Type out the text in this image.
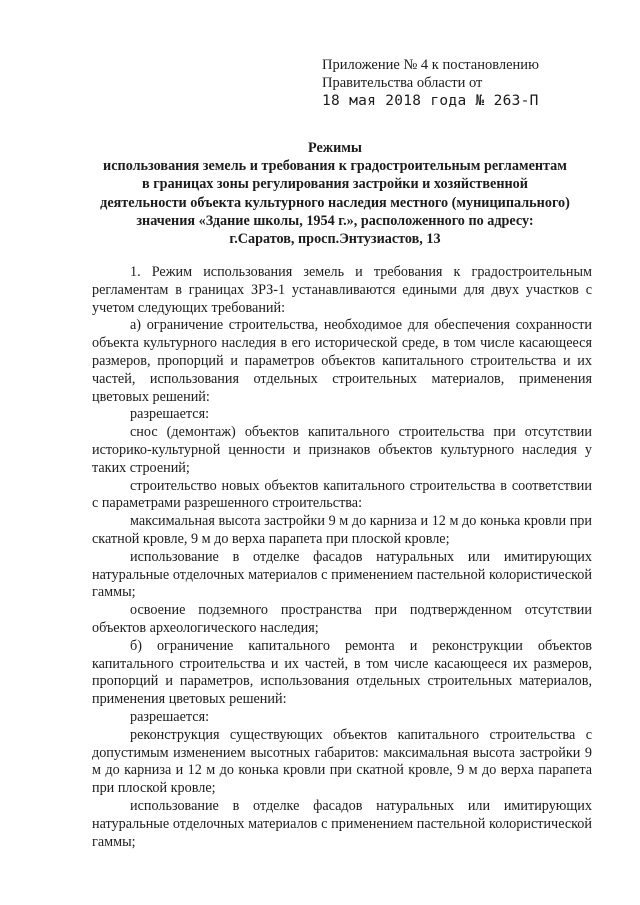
Приложение № 4 к постановлению
Правительства области от
18 мая 2018 года № 263-П
Режимы
использования земель и требования к градостроительным регламентам
в границах зоны регулирования застройки и хозяйственной
деятельности объекта культурного наследия местного (муниципального)
значения «Здание школы, 1954 г.», расположенного по адресу:
г.Саратов, просп.Энтузиастов, 13

1. Режим использования земель и требования к градостроительным регламентам в границах ЗРЗ-1 устанавливаются едиными для двух участков с учетом следующих требований:

а) ограничение строительства, необходимое для обеспечения сохранности объекта культурного наследия в его исторической среде, в том числе касающееся размеров, пропорций и параметров объектов капитального строительства и их частей, использования отдельных строительных материалов, применения цветовых решений:

разрешается:

снос (демонтаж) объектов капитального строительства при отсутствии историко-культурной ценности и признаков объектов культурного наследия у таких строений;

строительство новых объектов капитального строительства в соответствии с параметрами разрешенного строительства:

максимальная высота застройки 9 м до карниза и 12 м до конька кровли при скатной кровле, 9 м до верха парапета при плоской кровле;

использование в отделке фасадов натуральных или имитирующих натуральные отделочных материалов с применением пастельной колористической гаммы;

освоение подземного пространства при подтвержденном отсутствии объектов археологического наследия;

б) ограничение капитального ремонта и реконструкции объектов капитального строительства и их частей, в том числе касающееся их размеров, пропорций и параметров, использования отдельных строительных материалов, применения цветовых решений:

разрешается:

реконструкция существующих объектов капитального строительства с допустимым изменением высотных габаритов: максимальная высота застройки 9 м до карниза и 12 м до конька кровли при скатной кровле, 9 м до верха парапета при плоской кровле;

использование в отделке фасадов натуральных или имитирующих натуральные отделочных материалов с применением пастельной колористической гаммы;
